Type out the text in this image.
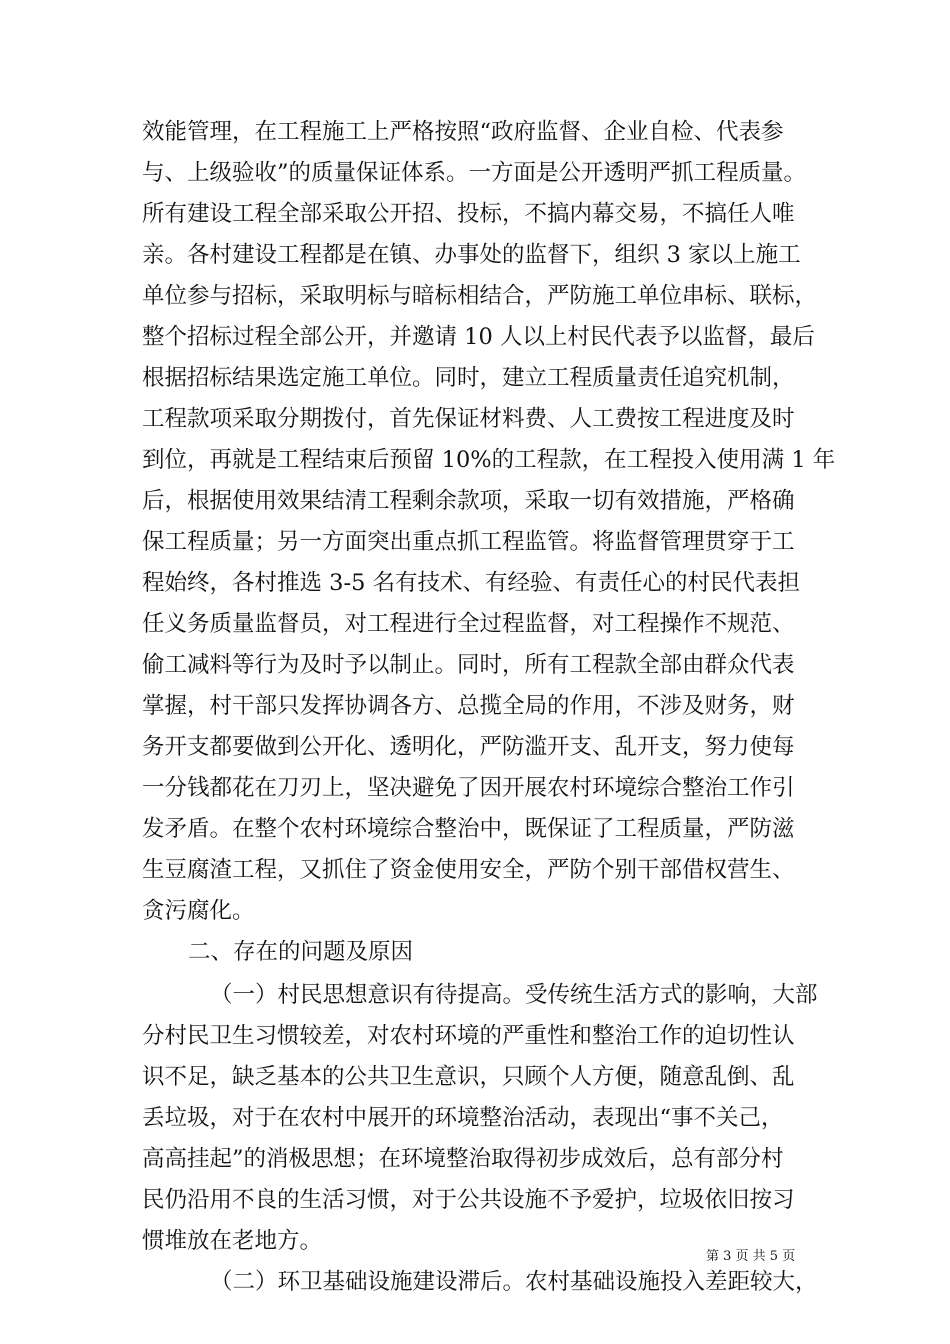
效能管理，在工程施工上严格按照“政府监督、企业自检、代表参
与、上级验收”的质量保证体系。一方面是公开透明严抓工程质量。
所有建设工程全部采取公开招、投标，不搞内幕交易，不搞任人唯
亲。各村建设工程都是在镇、办事处的监督下，组织 3 家以上施工
单位参与招标，采取明标与暗标相结合，严防施工单位串标、联标，
整个招标过程全部公开，并邀请 10 人以上村民代表予以监督，最后
根据招标结果选定施工单位。同时，建立工程质量责任追究机制，
工程款项采取分期拨付，首先保证材料费、人工费按工程进度及时
到位，再就是工程结束后预留 10%的工程款，在工程投入使用满 1 年
后，根据使用效果结清工程剩余款项，采取一切有效措施，严格确
保工程质量；另一方面突出重点抓工程监管。将监督管理贯穿于工
程始终，各村推选 3-5 名有技术、有经验、有责任心的村民代表担
任义务质量监督员，对工程进行全过程监督，对工程操作不规范、
偷工减料等行为及时予以制止。同时，所有工程款全部由群众代表
掌握，村干部只发挥协调各方、总揽全局的作用，不涉及财务，财
务开支都要做到公开化、透明化，严防滥开支、乱开支，努力使每
一分钱都花在刀刃上，坚决避免了因开展农村环境综合整治工作引
发矛盾。在整个农村环境综合整治中，既保证了工程质量，严防滋
生豆腐渣工程，又抓住了资金使用安全，严防个别干部借权营生、
贪污腐化。
二、存在的问题及原因
（一）村民思想意识有待提高。受传统生活方式的影响，大部
分村民卫生习惯较差，对农村环境的严重性和整治工作的迫切性认
识不足，缺乏基本的公共卫生意识，只顾个人方便，随意乱倒、乱
丢垃圾，对于在农村中展开的环境整治活动，表现出“事不关己，
高高挂起”的消极思想；在环境整治取得初步成效后，总有部分村
民仍沿用不良的生活习惯，对于公共设施不予爱护，垃圾依旧按习
惯堆放在老地方。
（二）环卫基础设施建设滞后。农村基础设施投入差距较大，
第 3 页 共 5 页
